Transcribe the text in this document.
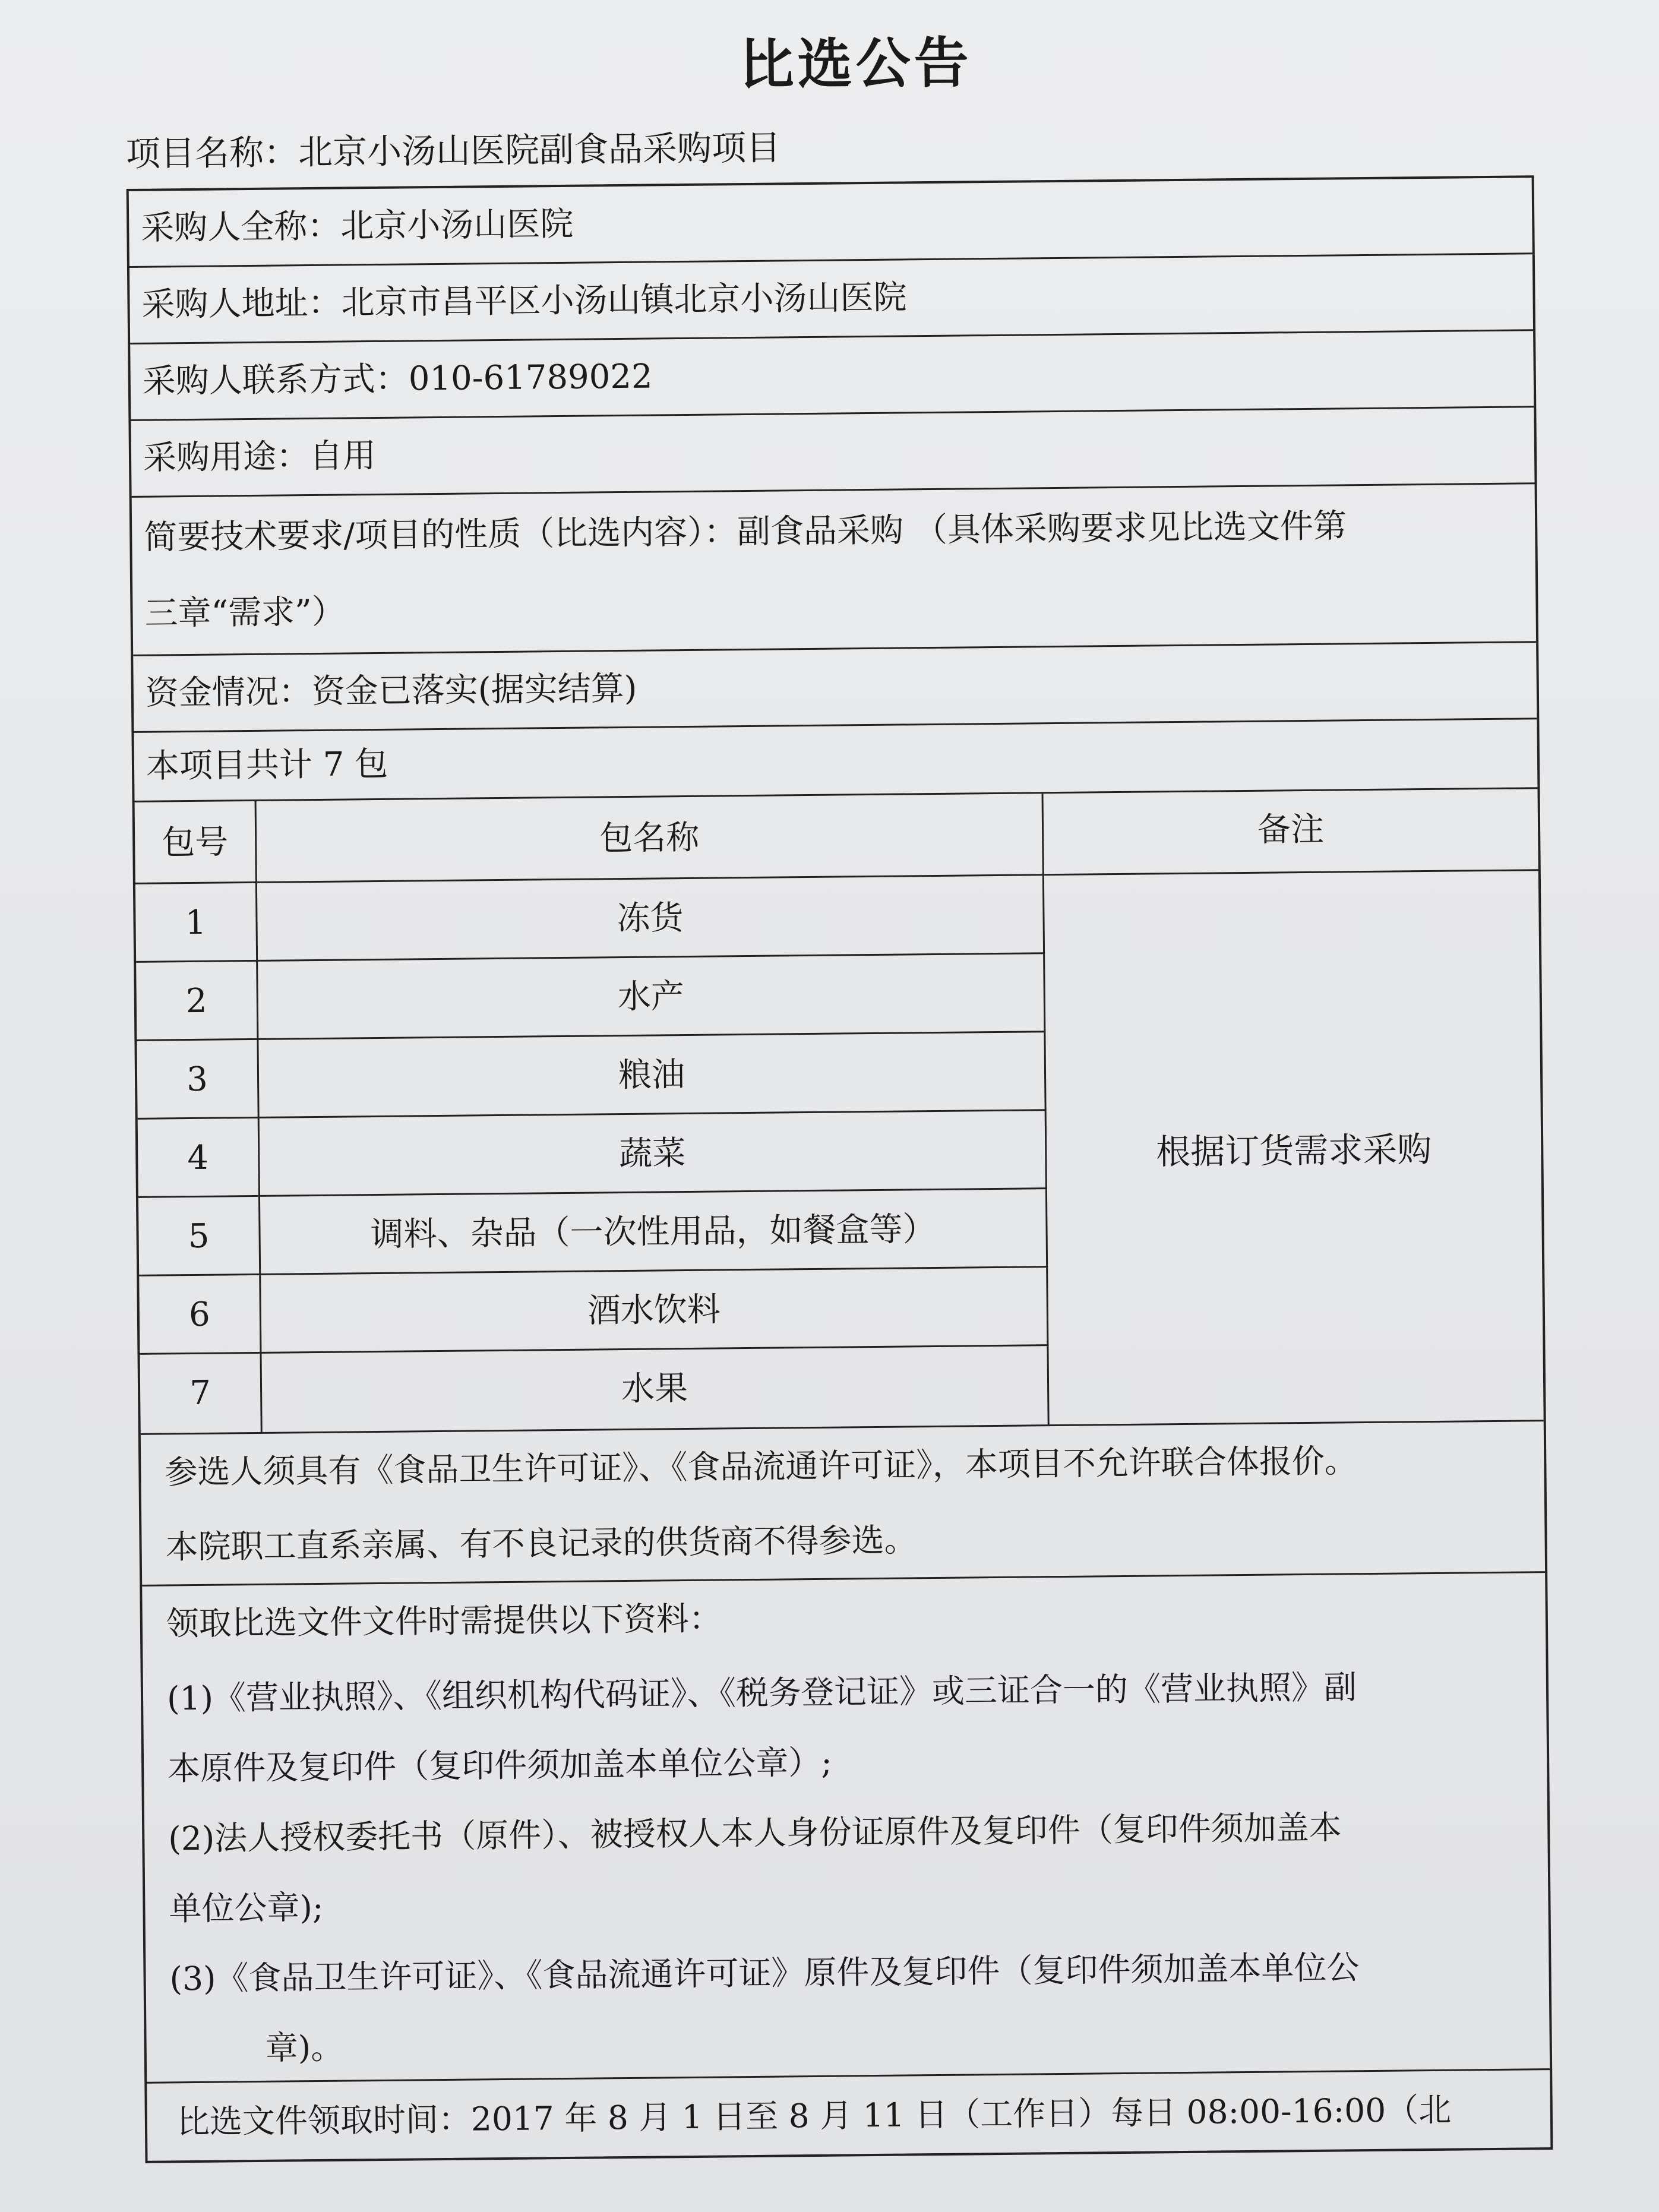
比选公告
项目名称：北京小汤山医院副食品采购项目
采购人全称：北京小汤山医院
采购人地址：北京市昌平区小汤山镇北京小汤山医院
采购人联系方式：010-61789022
采购用途：自用
简要技术要求/项目的性质（比选内容）：副食品采购 （具体采购要求见比选文件第
三章“需求”）
资金情况：资金已落实(据实结算)
本项目共计 7 包
包号	包名称	备注
1	冻货
根据订货需求采购
2	水产
3	粮油
4	蔬菜
5	调料、杂品（一次性用品，如餐盒等）
6	酒水饮料
7	水果

参选人须具有《食品卫生许可证》、《食品流通许可证》，本项目不允许联合体报价。

本院职工直系亲属、有不良记录的供货商不得参选。

领取比选文件文件时需提供以下资料：

(1)《营业执照》、《组织机构代码证》、《税务登记证》或三证合一的《营业执照》副

本原件及复印件（复印件须加盖本单位公章）;

(2)法人授权委托书（原件）、被授权人本人身份证原件及复印件（复印件须加盖本

单位公章);

(3)《食品卫生许可证》、《食品流通许可证》原件及复印件（复印件须加盖本单位公

章)。

比选文件领取时间：2017 年 8 月 1 日至 8 月 11 日（工作日）每日 08:00-16:00（北
